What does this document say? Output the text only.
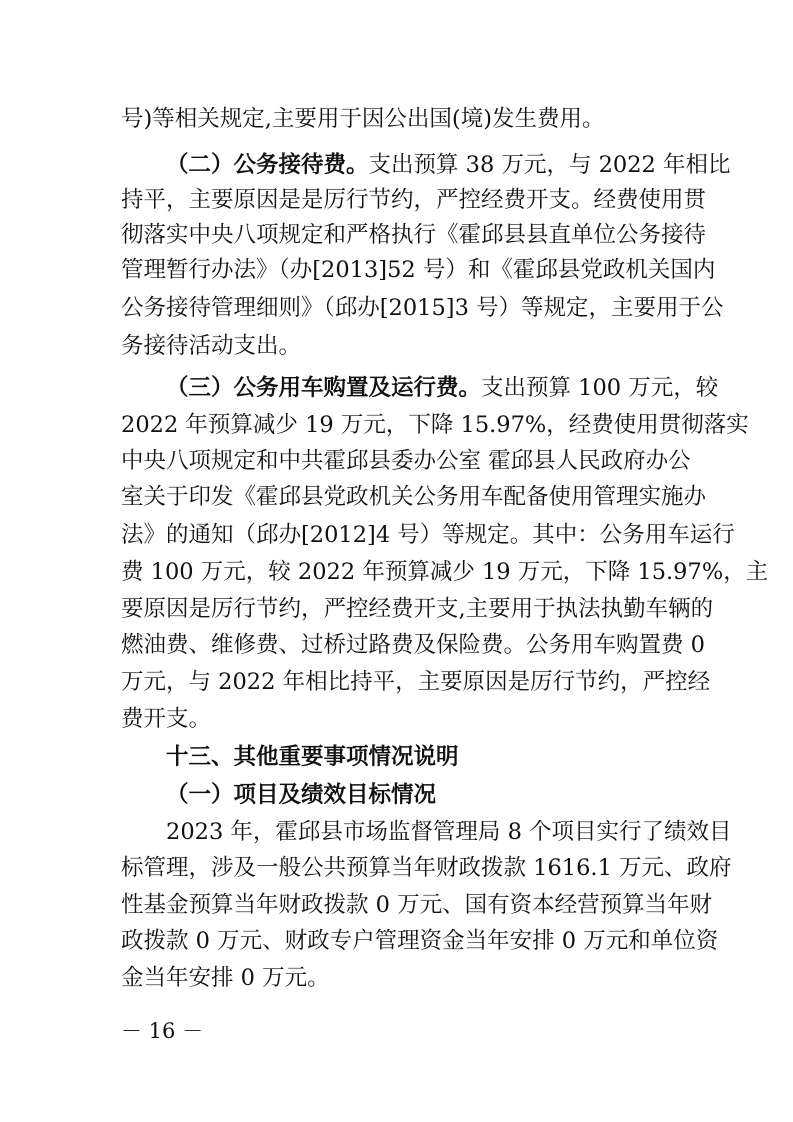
号)等相关规定,主要用于因公出国(境)发生费用。
（二）公务接待费。支出预算 38 万元，与 2022 年相比
持平，主要原因是是厉行节约，严控经费开支。经费使用贯
彻落实中央八项规定和严格执行《霍邱县县直单位公务接待
管理暂行办法》（办[2013]52 号）和《霍邱县党政机关国内
公务接待管理细则》（邱办[2015]3 号）等规定，主要用于公
务接待活动支出。
（三）公务用车购置及运行费。支出预算 100 万元，较
2022 年预算减少 19 万元，下降 15.97%，经费使用贯彻落实
中央八项规定和中共霍邱县委办公室 霍邱县人民政府办公
室关于印发《霍邱县党政机关公务用车配备使用管理实施办
法》的通知（邱办[2012]4 号）等规定。其中：公务用车运行
费 100 万元，较 2022 年预算减少 19 万元，下降 15.97%，主
要原因是厉行节约，严控经费开支,主要用于执法执勤车辆的
燃油费、维修费、过桥过路费及保险费。公务用车购置费 0
万元，与 2022 年相比持平，主要原因是厉行节约，严控经
费开支。
十三、其他重要事项情况说明
（一）项目及绩效目标情况
2023 年，霍邱县市场监督管理局 8 个项目实行了绩效目
标管理，涉及一般公共预算当年财政拨款 1616.1 万元、政府
性基金预算当年财政拨款 0 万元、国有资本经营预算当年财
政拨款 0 万元、财政专户管理资金当年安排 0 万元和单位资
金当年安排 0 万元。
－ 16 －
